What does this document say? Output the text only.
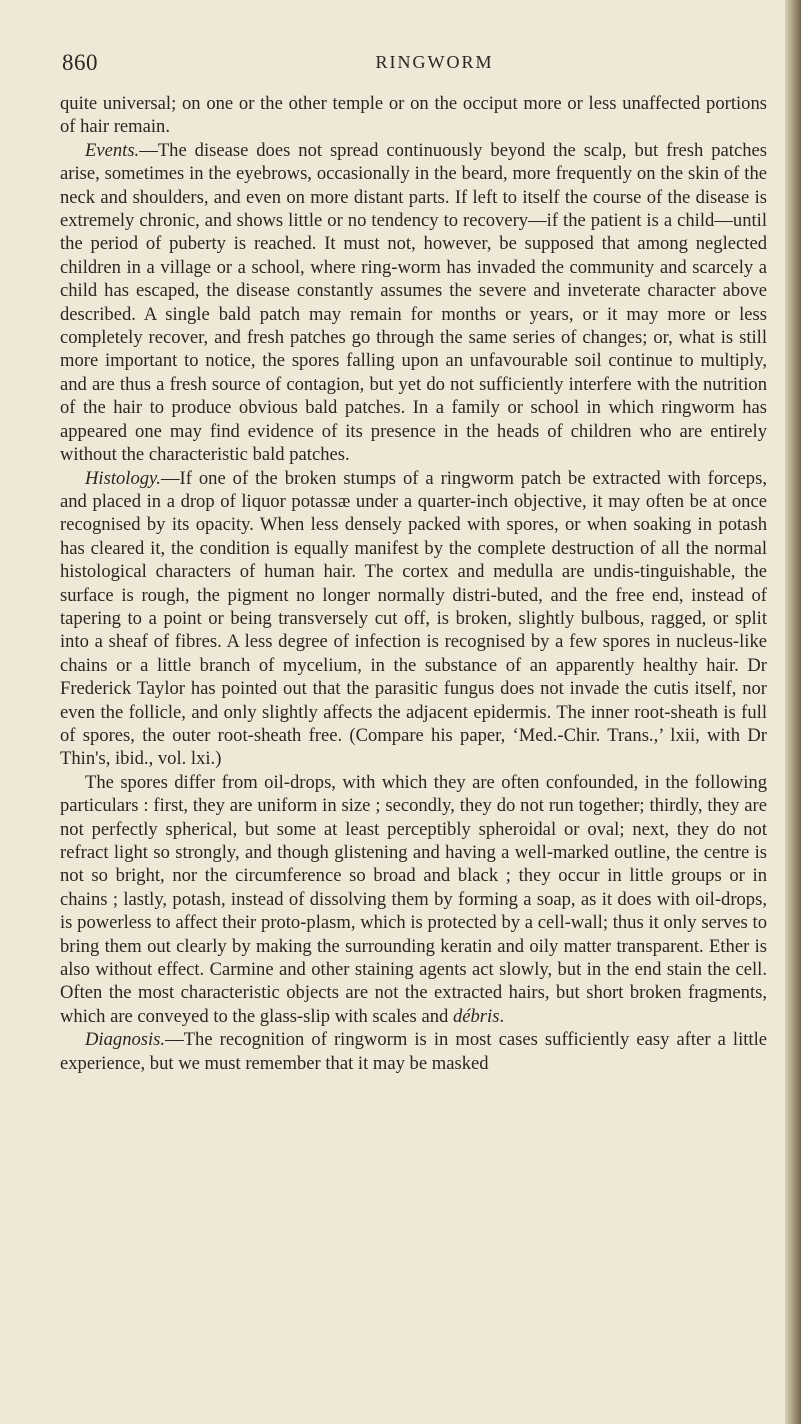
860	RINGWORM

quite universal; on one or the other temple or on the occiput more or less unaffected portions of hair remain.

Events.—The disease does not spread continuously beyond the scalp, but fresh patches arise, sometimes in the eyebrows, occasionally in the beard, more frequently on the skin of the neck and shoulders, and even on more distant parts. If left to itself the course of the disease is extremely chronic, and shows little or no tendency to recovery—if the patient is a child—until the period of puberty is reached. It must not, however, be supposed that among neglected children in a village or a school, where ring-worm has invaded the community and scarcely a child has escaped, the disease constantly assumes the severe and inveterate character above described. A single bald patch may remain for months or years, or it may more or less completely recover, and fresh patches go through the same series of changes; or, what is still more important to notice, the spores falling upon an unfavourable soil continue to multiply, and are thus a fresh source of contagion, but yet do not sufficiently interfere with the nutrition of the hair to produce obvious bald patches. In a family or school in which ringworm has appeared one may find evidence of its presence in the heads of children who are entirely without the characteristic bald patches.

Histology.—If one of the broken stumps of a ringworm patch be extracted with forceps, and placed in a drop of liquor potassæ under a quarter-inch objective, it may often be at once recognised by its opacity. When less densely packed with spores, or when soaking in potash has cleared it, the condition is equally manifest by the complete destruction of all the normal histological characters of human hair. The cortex and medulla are undis-tinguishable, the surface is rough, the pigment no longer normally distri-buted, and the free end, instead of tapering to a point or being transversely cut off, is broken, slightly bulbous, ragged, or split into a sheaf of fibres. A less degree of infection is recognised by a few spores in nucleus-like chains or a little branch of mycelium, in the substance of an apparently healthy hair. Dr Frederick Taylor has pointed out that the parasitic fungus does not invade the cutis itself, nor even the follicle, and only slightly affects the adjacent epidermis. The inner root-sheath is full of spores, the outer root-sheath free. (Compare his paper, ‘Med.-Chir. Trans.,’ lxii, with Dr Thin's, ibid., vol. lxi.)

The spores differ from oil-drops, with which they are often confounded, in the following particulars : first, they are uniform in size ; secondly, they do not run together; thirdly, they are not perfectly spherical, but some at least perceptibly spheroidal or oval; next, they do not refract light so strongly, and though glistening and having a well-marked outline, the centre is not so bright, nor the circumference so broad and black ; they occur in little groups or in chains ; lastly, potash, instead of dissolving them by forming a soap, as it does with oil-drops, is powerless to affect their proto-plasm, which is protected by a cell-wall; thus it only serves to bring them out clearly by making the surrounding keratin and oily matter transparent. Ether is also without effect. Carmine and other staining agents act slowly, but in the end stain the cell. Often the most characteristic objects are not the extracted hairs, but short broken fragments, which are conveyed to the glass-slip with scales and débris.

Diagnosis.—The recognition of ringworm is in most cases sufficiently easy after a little experience, but we must remember that it may be masked
